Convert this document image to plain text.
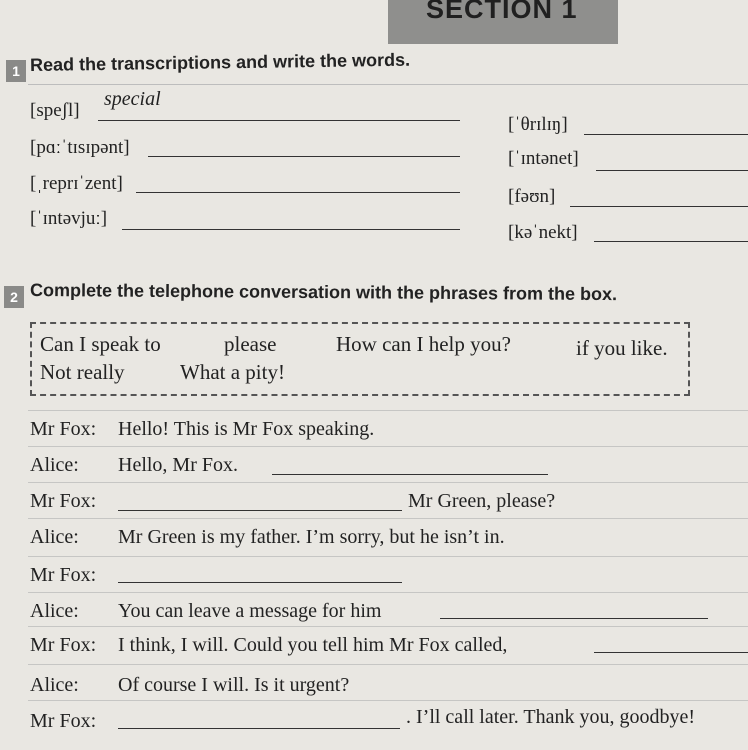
SECTION 1
1 Read the transcriptions and write the words.
[speʃl]
special
[pɑːˈtɪsɪpənt]
[ˌreprɪˈzent]
[ˈɪntəvjuː]
[ˈθrɪlɪŋ]
[ˈɪntənet]
[fəʊn]
[kəˈnekt]
2 Complete the telephone conversation with the phrases from the box.
Can I speak to	please	How can I help you?	if you like.
Not really	What a pity!
Mr Fox: Hello! This is Mr Fox speaking.
Alice: Hello, Mr Fox.
Mr Fox:	Mr Green, please?
Alice: Mr Green is my father. I’m sorry, but he isn’t in.
Mr Fox:
Alice: You can leave a message for him
Mr Fox: I think, I will. Could you tell him Mr Fox called,
Alice: Of course I will. Is it urgent?
Mr Fox:	. I’ll call later. Thank you, goodbye!
